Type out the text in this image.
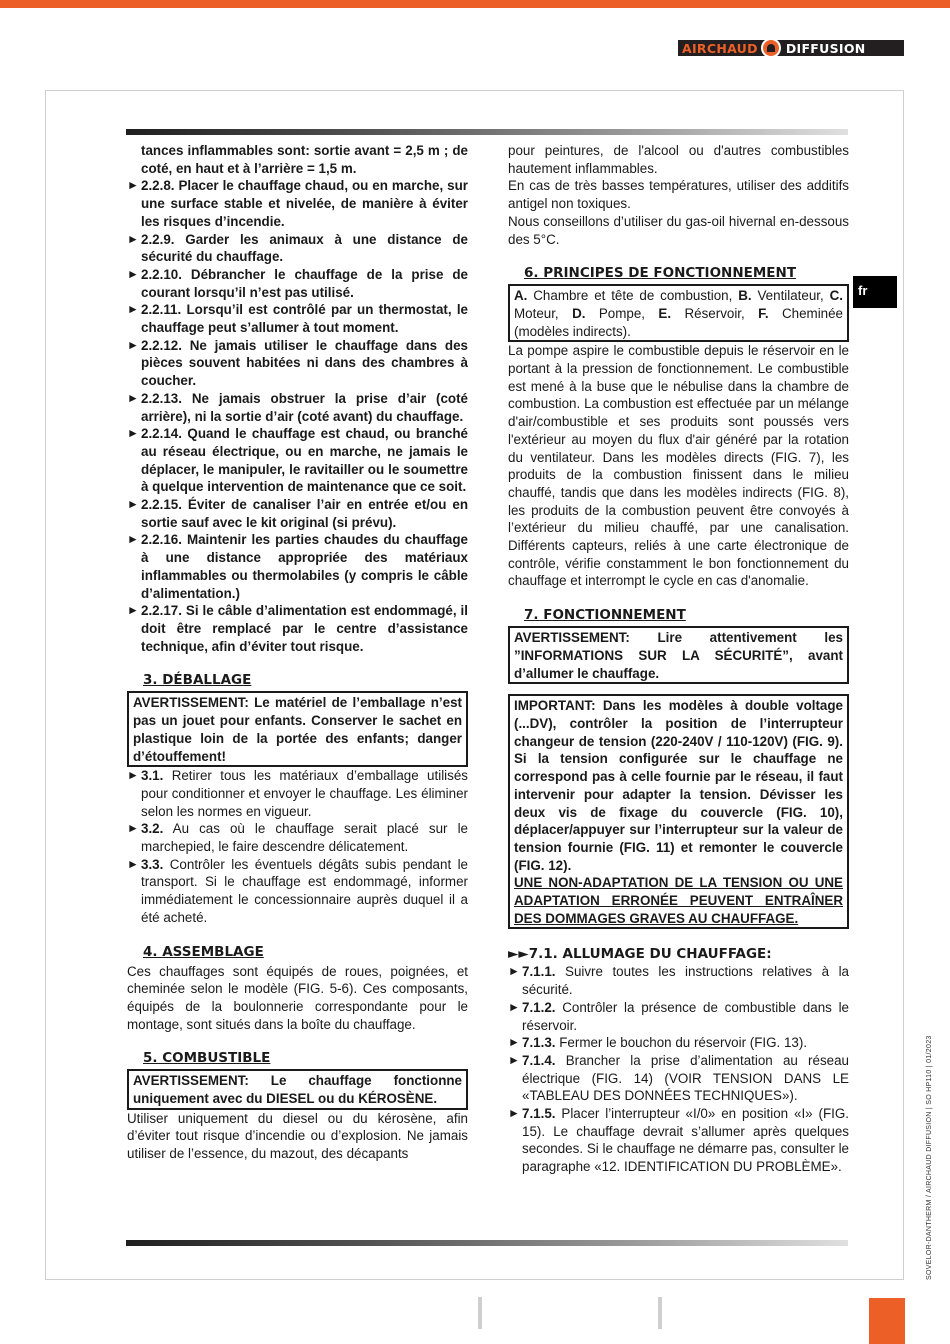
AIRCHAUD DIFFUSION
fr
SOVELOR-DANTHERM / AIRCHAUD DIFFUSION | SO HP110 | 01/2023
tances inflammables sont: sortie avant = 2,5 m ; de coté, en haut et à l’arrière = 1,5 m.
► 2.2.8. Placer le chauffage chaud, ou en marche, sur une surface stable et nivelée, de manière à éviter les risques d’incendie.
► 2.2.9. Garder les animaux à une distance de sécurité du chauffage.
► 2.2.10. Débrancher le chauffage de la prise de courant lorsqu’il n’est pas utilisé.
► 2.2.11. Lorsqu’il est contrôlé par un thermostat, le chauffage peut s’allumer à tout moment.
► 2.2.12. Ne jamais utiliser le chauffage dans des pièces souvent habitées ni dans des chambres à coucher.
► 2.2.13. Ne jamais obstruer la prise d’air (coté arrière), ni la sortie d’air (coté avant) du chauffage.
► 2.2.14. Quand le chauffage est chaud, ou branché au réseau électrique, ou en marche, ne jamais le déplacer, le manipuler, le ravitailler ou le soumettre à quelque intervention de maintenance que ce soit.
► 2.2.15. Éviter de canaliser l’air en entrée et/ou en sortie sauf avec le kit original (si prévu).
► 2.2.16. Maintenir les parties chaudes du chauffage à une distance appropriée des matériaux inflammables ou thermolabiles (y compris le câble d’alimentation.)
► 2.2.17. Si le câble d’alimentation est endommagé, il doit être remplacé par le centre d’assistance technique, afin d’éviter tout risque.
3. DÉBALLAGE
AVERTISSEMENT: Le matériel de l’emballage n’est pas un jouet pour enfants. Conserver le sachet en plastique loin de la portée des enfants; danger d’étouffement!
► 3.1. Retirer tous les matériaux d’emballage utilisés pour conditionner et envoyer le chauffage. Les éliminer selon les normes en vigueur.
► 3.2. Au cas où le chauffage serait placé sur le marchepied, le faire descendre délicatement.
► 3.3. Contrôler les éventuels dégâts subis pendant le transport. Si le chauffage est endommagé, informer immédiatement le concessionnaire auprès duquel il a été acheté.
4. ASSEMBLAGE

Ces chauffages sont équipés de roues, poignées, et cheminée selon le modèle (FIG. 5-6). Ces composants, équipés de la boulonnerie correspondante pour le montage, sont situés dans la boîte du chauffage.

5. COMBUSTIBLE
AVERTISSEMENT: Le chauffage fonctionne uniquement avec du DIESEL ou du KÉROSÈNE.

Utiliser uniquement du diesel ou du kérosène, afin d’éviter tout risque d’incendie ou d’explosion. Ne jamais utiliser de l’essence, du mazout, des décapants

pour peintures, de l'alcool ou d'autres combustibles hautement inflammables.

En cas de très basses températures, utiliser des additifs antigel non toxiques.

Nous conseillons d’utiliser du gas-oil hivernal en-dessous des 5°C.

6. PRINCIPES DE FONCTIONNEMENT
A. Chambre et tête de combustion, B. Ventilateur, C. Moteur, D. Pompe, E. Réservoir, F. Cheminée (modèles indirects).

La pompe aspire le combustible depuis le réservoir en le portant à la pression de fonctionnement. Le combustible est mené à la buse que le nébulise dans la chambre de combustion. La combustion est effectuée par un mélange d'air/combustible et ses produits sont poussés vers l'extérieur au moyen du flux d'air généré par la rotation du ventilateur. Dans les modèles directs (FIG. 7), les produits de la combustion finissent dans le milieu chauffé, tandis que dans les modèles indirects (FIG. 8), les produits de la combustion peuvent être convoyés à l’extérieur du milieu chauffé, par une canalisation. Différents capteurs, reliés à une carte électronique de contrôle, vérifie constamment le bon fonctionnement du chauffage et interrompt le cycle en cas d'anomalie.

7. FONCTIONNEMENT
AVERTISSEMENT: Lire attentivement les ”INFORMATIONS SUR LA SÉCURITÉ”, avant d’allumer le chauffage.
IMPORTANT: Dans les modèles à double voltage (...DV), contrôler la position de l’interrupteur changeur de tension (220-240V / 110-120V) (FIG. 9). Si la tension configurée sur le chauffage ne correspond pas à celle fournie par le réseau, il faut intervenir pour adapter la tension. Dévisser les deux vis de fixage du couvercle (FIG. 10), déplacer/appuyer sur l’interrupteur sur la valeur de tension fournie (FIG. 11) et remonter le couvercle (FIG. 12).
UNE NON-ADAPTATION DE LA TENSION OU UNE ADAPTATION ERRONÉE PEUVENT ENTRAÎNER DES DOMMAGES GRAVES AU CHAUFFAGE.
►►7.1. ALLUMAGE DU CHAUFFAGE:
► 7.1.1. Suivre toutes les instructions relatives à la sécurité.
► 7.1.2. Contrôler la présence de combustible dans le réservoir.
► 7.1.3. Fermer le bouchon du réservoir (FIG. 13).
► 7.1.4. Brancher la prise d’alimentation au réseau électrique (FIG. 14) (VOIR TENSION DANS LE «TABLEAU DES DONNÉES TECHNIQUES»).
► 7.1.5. Placer l’interrupteur «I/0» en position «I» (FIG. 15). Le chauffage devrait s’allumer après quelques secondes. Si le chauffage ne démarre pas, consulter le paragraphe «12. IDENTIFICATION DU PROBLÈME».
